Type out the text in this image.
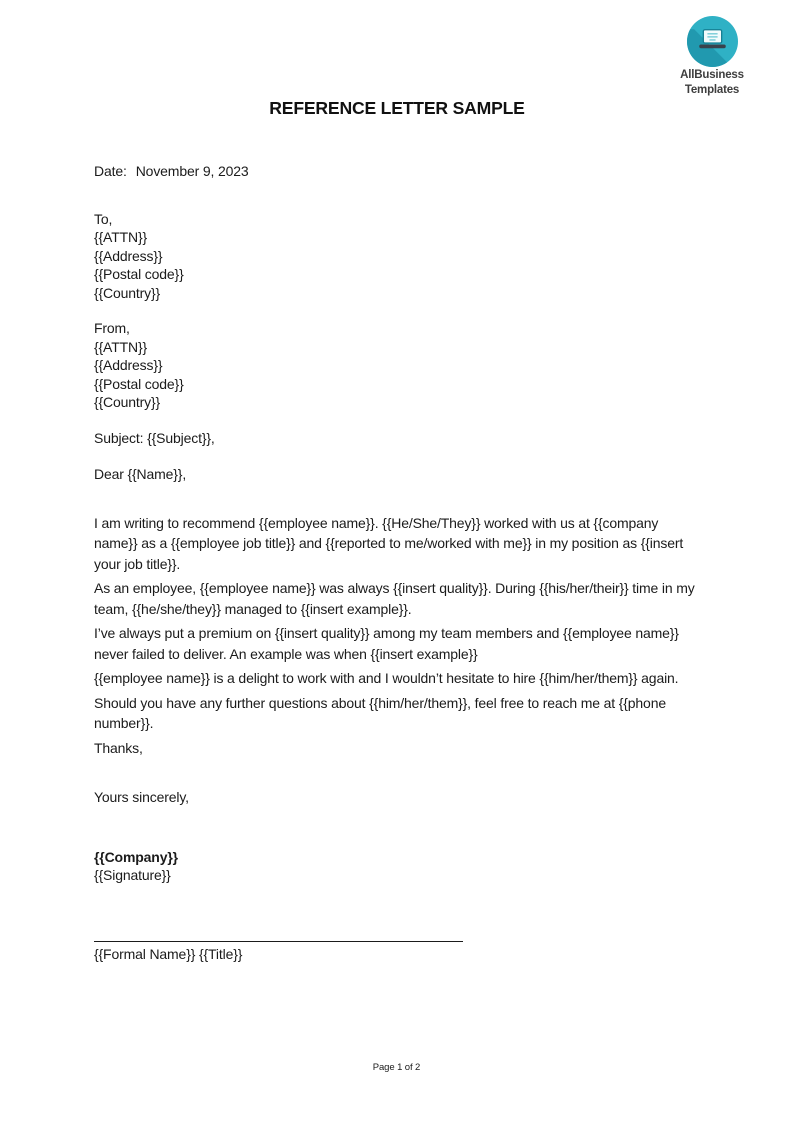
AllBusiness
Templates
REFERENCE LETTER SAMPLE
Date: November 9, 2023
To,
{{ATTN}}
{{Address}}
{{Postal code}}
{{Country}}
From,
{{ATTN}}
{{Address}}
{{Postal code}}
{{Country}}
Subject: {{Subject}},
Dear {{Name}},

I am writing to recommend {{employee name}}. {{He/She/They}} worked with us at {{company name}} as a {{employee job title}} and {{reported to me/worked with me}} in my position as {{insert your job title}}.

As an employee, {{employee name}} was always {{insert quality}}. During {{his/her/their}} time in my team, {{he/she/they}} managed to {{insert example}}.

I’ve always put a premium on {{insert quality}} among my team members and {{employee name}} never failed to deliver. An example was when {{insert example}}

{{employee name}} is a delight to work with and I wouldn’t hesitate to hire {{him/her/them}} again.

Should you have any further questions about {{him/her/them}}, feel free to reach me at {{phone number}}.

Thanks,

Yours sincerely,
{{Company}}
{{Signature}}
{{Formal Name}} {{Title}}
Page 1 of 2
